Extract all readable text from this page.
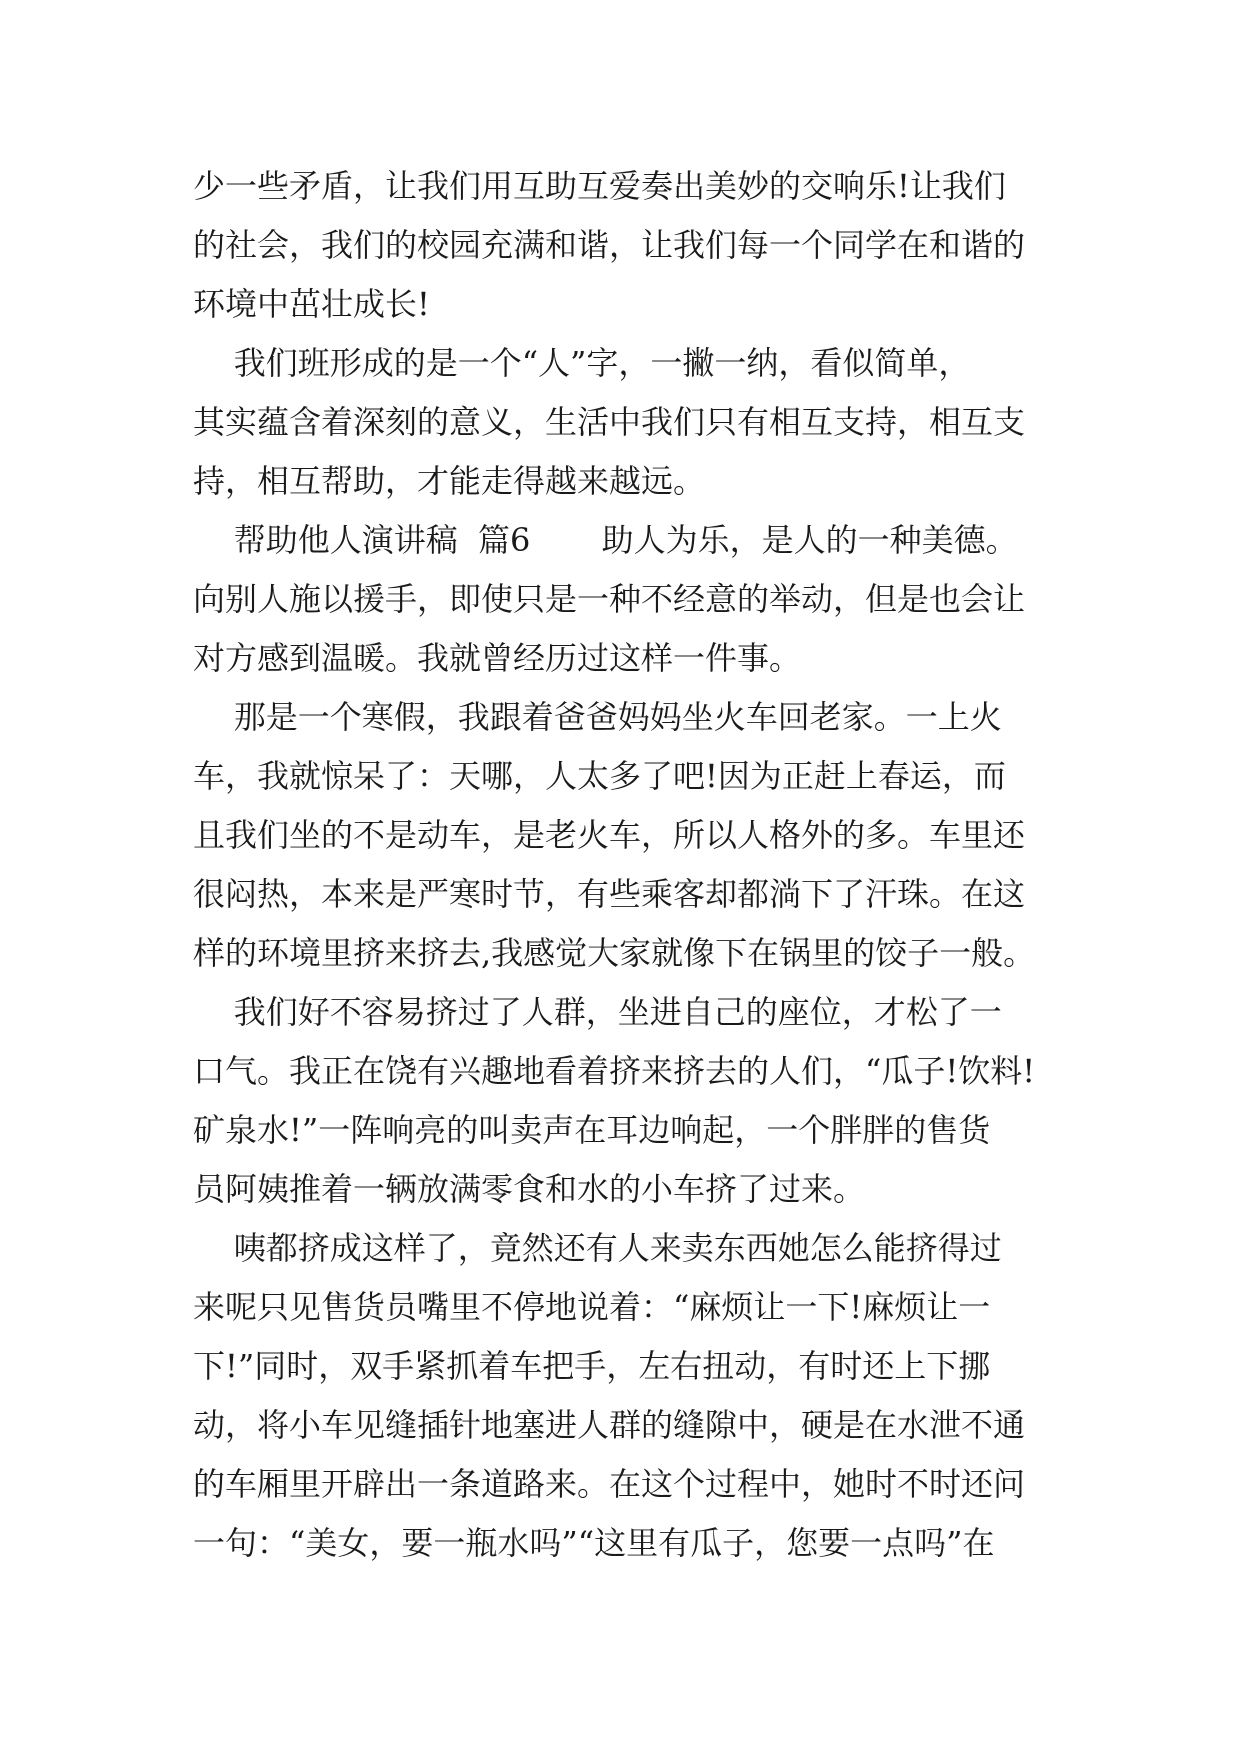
少一些矛盾，让我们用互助互爱奏出美妙的交响乐!让我们
的社会，我们的校园充满和谐，让我们每一个同学在和谐的
环境中茁壮成长!
我们班形成的是一个“人”字，一撇一纳，看似简单，
其实蕴含着深刻的意义，生活中我们只有相互支持，相互支
持，相互帮助，才能走得越来越远。
帮助他人演讲稿  篇6       助人为乐，是人的一种美德。
向别人施以援手，即使只是一种不经意的举动，但是也会让
对方感到温暖。我就曾经历过这样一件事。
那是一个寒假，我跟着爸爸妈妈坐火车回老家。一上火
车，我就惊呆了：天哪，人太多了吧!因为正赶上春运，而
且我们坐的不是动车，是老火车，所以人格外的多。车里还
很闷热，本来是严寒时节，有些乘客却都淌下了汗珠。在这
样的环境里挤来挤去,我感觉大家就像下在锅里的饺子一般。
我们好不容易挤过了人群，坐进自己的座位，才松了一
口气。我正在饶有兴趣地看着挤来挤去的人们，“瓜子!饮料!
矿泉水!”一阵响亮的叫卖声在耳边响起，一个胖胖的售货
员阿姨推着一辆放满零食和水的小车挤了过来。
咦都挤成这样了，竟然还有人来卖东西她怎么能挤得过
来呢只见售货员嘴里不停地说着：“麻烦让一下!麻烦让一
下!”同时，双手紧抓着车把手，左右扭动，有时还上下挪
动，将小车见缝插针地塞进人群的缝隙中，硬是在水泄不通
的车厢里开辟出一条道路来。在这个过程中，她时不时还问
一句：“美女，要一瓶水吗”“这里有瓜子，您要一点吗”在
